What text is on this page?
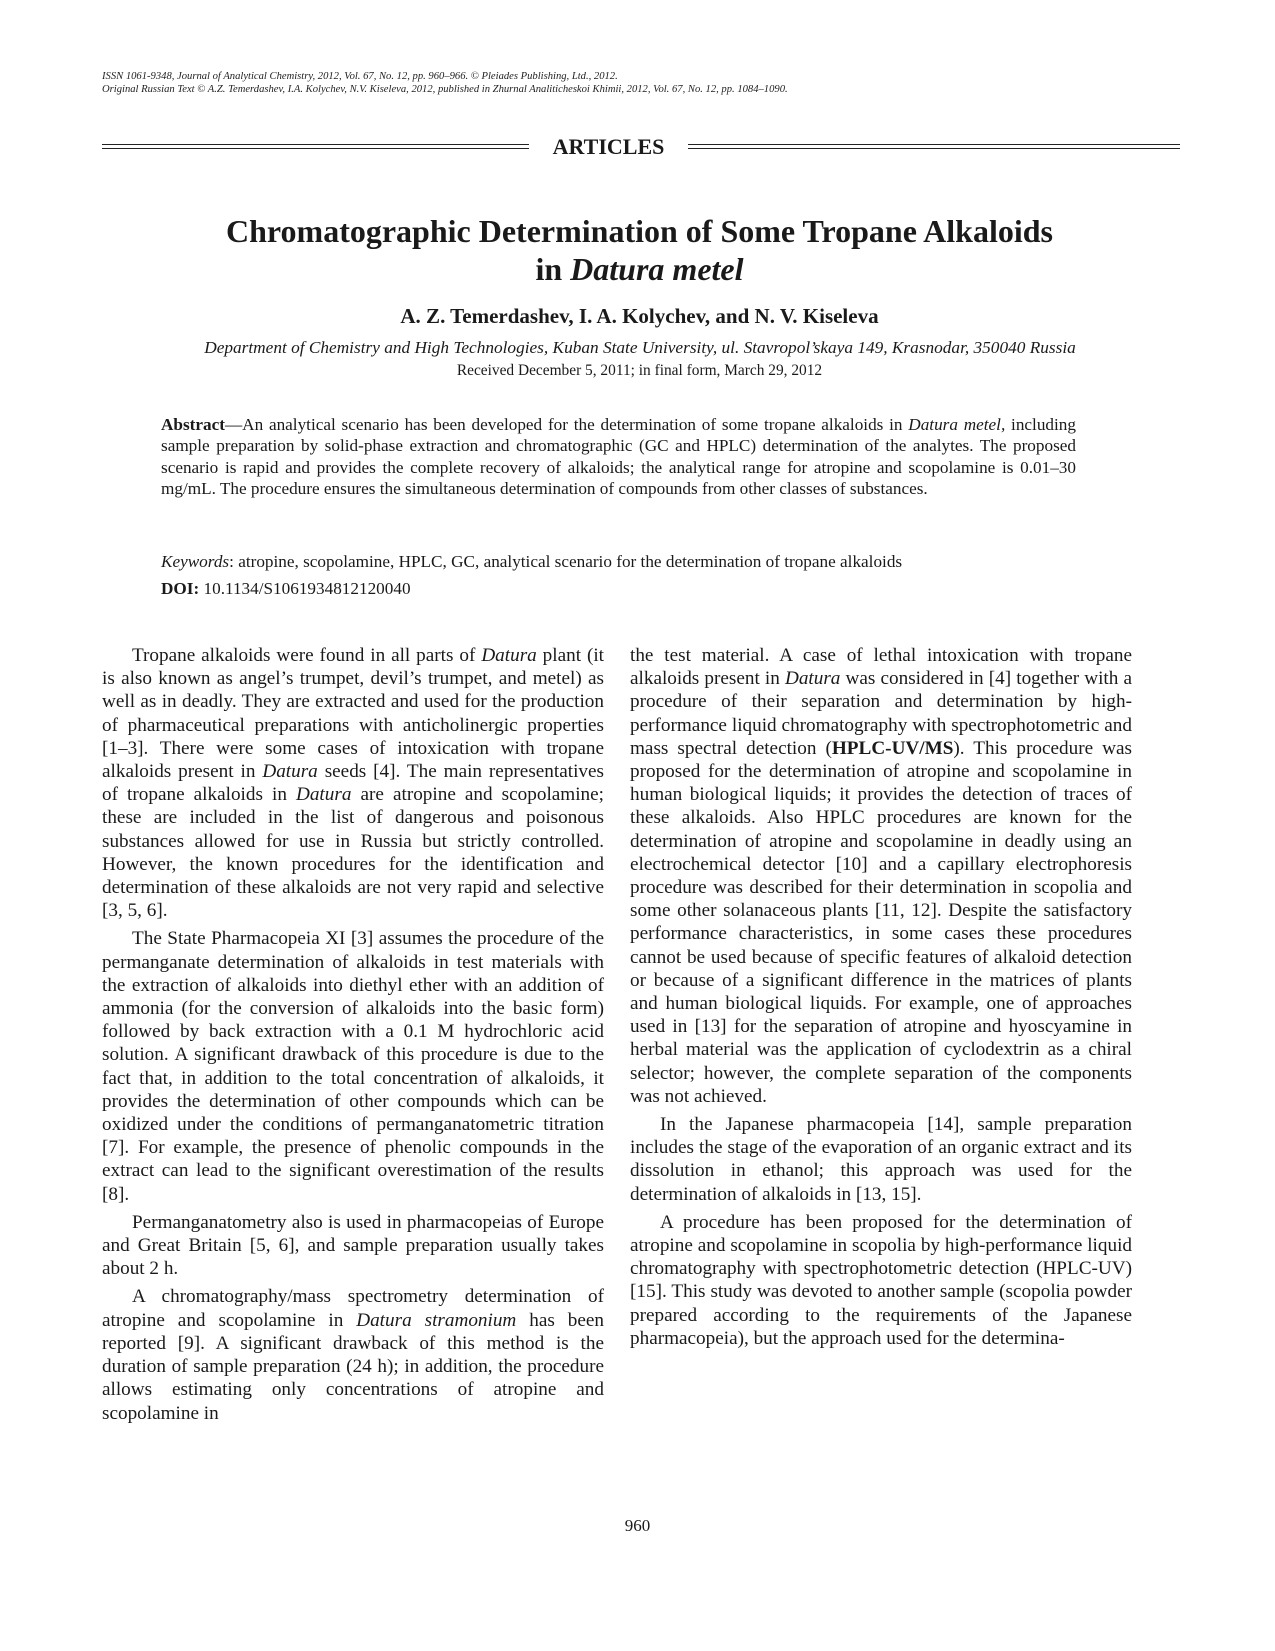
ISSN 1061-9348, Journal of Analytical Chemistry, 2012, Vol. 67, No. 12, pp. 960–966. © Pleiades Publishing, Ltd., 2012.
Original Russian Text © A.Z. Temerdashev, I.A. Kolychev, N.V. Kiseleva, 2012, published in Zhurnal Analiticheskoi Khimii, 2012, Vol. 67, No. 12, pp. 1084–1090.
ARTICLES
Chromatographic Determination of Some Tropane Alkaloids
in Datura metel
A. Z. Temerdashev, I. A. Kolychev, and N. V. Kiseleva
Department of Chemistry and High Technologies, Kuban State University, ul. Stavropol’skaya 149, Krasnodar, 350040 Russia
Received December 5, 2011; in final form, March 29, 2012
Abstract—An analytical scenario has been developed for the determination of some tropane alkaloids in Datura metel, including sample preparation by solid-phase extraction and chromatographic (GC and HPLC) determination of the analytes. The proposed scenario is rapid and provides the complete recovery of alkaloids; the analytical range for atropine and scopolamine is 0.01–30 mg/mL. The procedure ensures the simultaneous determination of compounds from other classes of substances.
Keywords: atropine, scopolamine, HPLC, GC, analytical scenario for the determination of tropane alkaloids
DOI: 10.1134/S1061934812120040

Tropane alkaloids were found in all parts of Datura plant (it is also known as angel’s trumpet, devil’s trumpet, and metel) as well as in deadly. They are extracted and used for the production of pharmaceutical preparations with anticholinergic properties [1–3]. There were some cases of intoxication with tropane alkaloids present in Datura seeds [4]. The main representatives of tropane alkaloids in Datura are atropine and scopolamine; these are included in the list of dangerous and poisonous substances allowed for use in Russia but strictly controlled. However, the known procedures for the identification and determination of these alkaloids are not very rapid and selective [3, 5, 6].

The State Pharmacopeia XI [3] assumes the procedure of the permanganate determination of alkaloids in test materials with the extraction of alkaloids into diethyl ether with an addition of ammonia (for the conversion of alkaloids into the basic form) followed by back extraction with a 0.1 M hydrochloric acid solution. A significant drawback of this procedure is due to the fact that, in addition to the total concentration of alkaloids, it provides the determination of other compounds which can be oxidized under the conditions of permanganatometric titration [7]. For example, the presence of phenolic compounds in the extract can lead to the significant overestimation of the results [8].

Permanganatometry also is used in pharmacopeias of Europe and Great Britain [5, 6], and sample preparation usually takes about 2 h.

A chromatography/mass spectrometry determination of atropine and scopolamine in Datura stramonium has been reported [9]. A significant drawback of this method is the duration of sample preparation (24 h); in addition, the procedure allows estimating only concentrations of atropine and scopolamine in

the test material. A case of lethal intoxication with tropane alkaloids present in Datura was considered in [4] together with a procedure of their separation and determination by high-performance liquid chromatography with spectrophotometric and mass spectral detection (HPLC-UV/MS). This procedure was proposed for the determination of atropine and scopolamine in human biological liquids; it provides the detection of traces of these alkaloids. Also HPLC procedures are known for the determination of atropine and scopolamine in deadly using an electrochemical detector [10] and a capillary electrophoresis procedure was described for their determination in scopolia and some other solanaceous plants [11, 12]. Despite the satisfactory performance characteristics, in some cases these procedures cannot be used because of specific features of alkaloid detection or because of a significant difference in the matrices of plants and human biological liquids. For example, one of approaches used in [13] for the separation of atropine and hyoscyamine in herbal material was the application of cyclodextrin as a chiral selector; however, the complete separation of the components was not achieved.

In the Japanese pharmacopeia [14], sample preparation includes the stage of the evaporation of an organic extract and its dissolution in ethanol; this approach was used for the determination of alkaloids in [13, 15].

A procedure has been proposed for the determination of atropine and scopolamine in scopolia by high-performance liquid chromatography with spectrophotometric detection (HPLC-UV) [15]. This study was devoted to another sample (scopolia powder prepared according to the requirements of the Japanese pharmacopeia), but the approach used for the determina-

960
